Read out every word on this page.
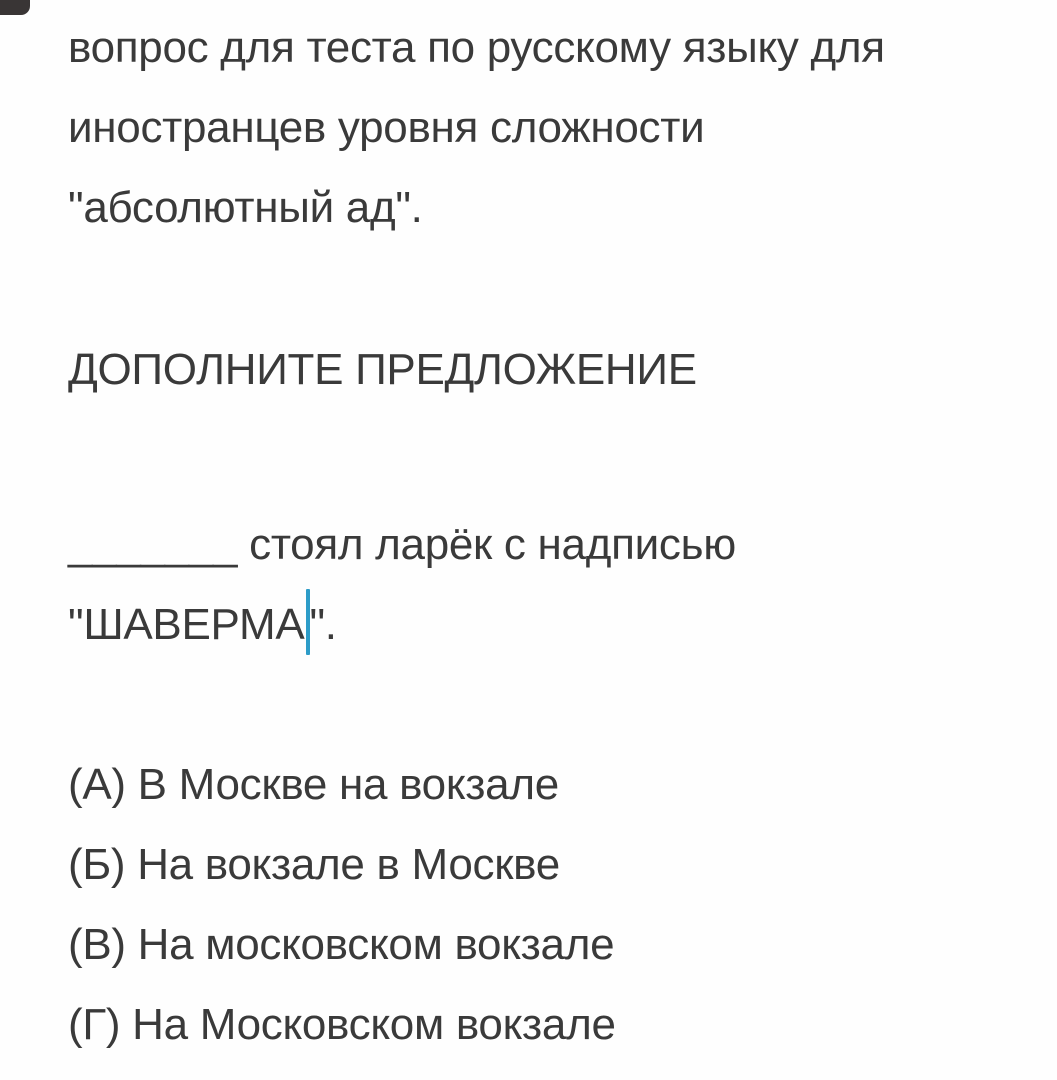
вопрос для теста по русскому языку для
иностранцев уровня сложности
"абсолютный ад".

ДОПОЛНИТЕ ПРЕДЛОЖЕНИЕ

_______ стоял ларёк с надписью
"ШАВЕРМА ".

(А) В Москве на вокзале
(Б) На вокзале в Москве
(В) На московском вокзале
(Г) На Московском вокзале
